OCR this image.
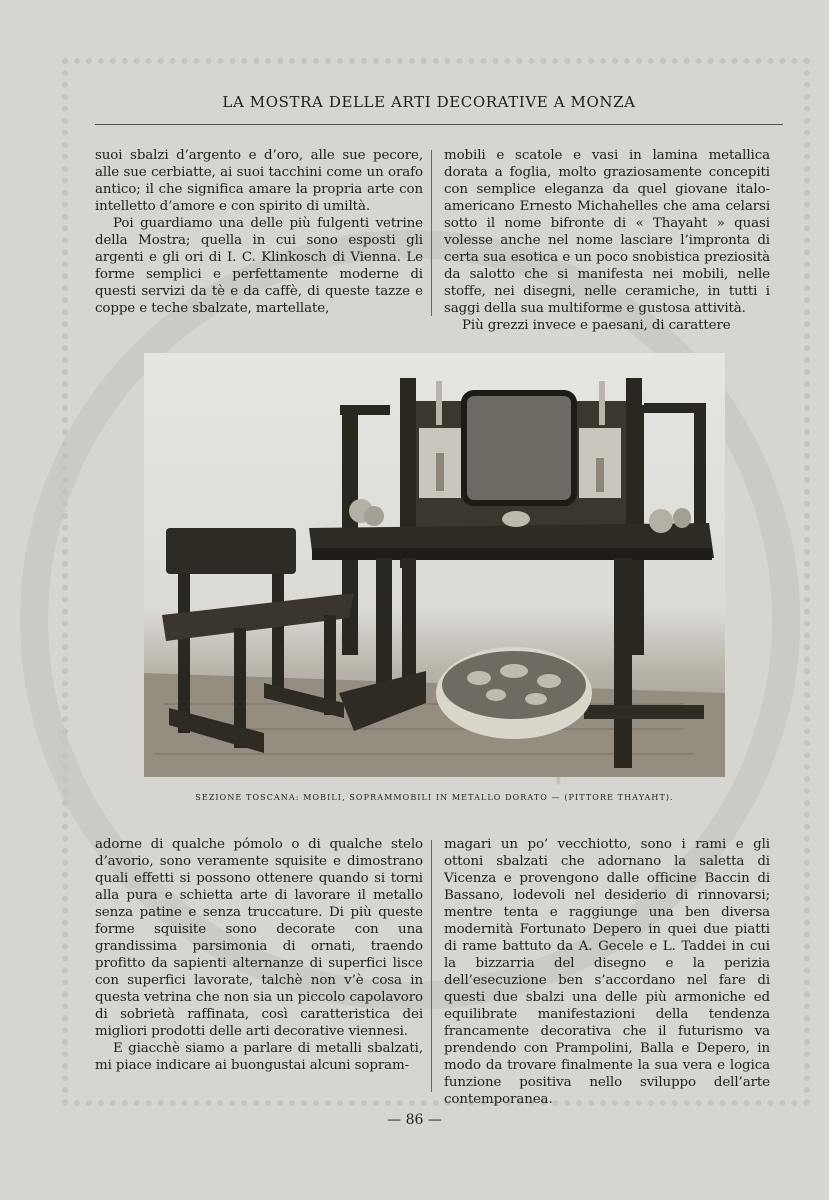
LA MOSTRA DELLE ARTI DECORATIVE A MONZA

suoi sbalzi d’argento e d’oro, alle sue pecore, alle sue cerbiatte, ai suoi tacchini come un orafo antico; il che significa amare la propria arte con intelletto d’amore e con spirito di umiltà.

Poi guardiamo una delle più fulgenti vetrine della Mostra; quella in cui sono esposti gli argenti e gli ori di I. C. Klinkosch di Vienna. Le forme semplici e perfettamente moderne di questi servizi da tè e da caffè, di queste tazze e coppe e teche sbalzate, martellate,

mobili e scatole e vasi in lamina metallica dorata a foglia, molto graziosamente concepiti con semplice eleganza da quel giovane italo-americano Ernesto Michahelles che ama celarsi sotto il nome bifronte di « Thayaht » quasi volesse anche nel nome lasciare l’impronta di certa sua esotica e un poco snobistica preziosità da salotto che si manifesta nei mobili, nelle stoffe, nei disegni, nelle ceramiche, in tutti i saggi della sua multiforme e gustosa attività.

Più grezzi invece e paesani, di carattere

SEZIONE TOSCANA: MOBILI, SOPRAMMOBILI IN METALLO DORATO — (PITTORE THAYAHT).

adorne di qualche pómolo o di qualche stelo d’avorio, sono veramente squisite e dimostrano quali effetti si possono ottenere quando si torni alla pura e schietta arte di lavorare il metallo senza patine e senza truccature. Di più queste forme squisite sono decorate con una grandissima parsimonia di ornati, traendo profitto da sapienti alternanze di superfici lisce con superfici lavorate, talchè non v’è cosa in questa vetrina che non sia un piccolo capolavoro di sobrietà raffinata, così caratteristica dei migliori prodotti delle arti decorative viennesi.

E giacchè siamo a parlare di metalli sbalzati, mi piace indicare ai buongustai alcuni sopram-

magari un po’ vecchiotto, sono i rami e gli ottoni sbalzati che adornano la saletta di Vicenza e provengono dalle officine Baccin di Bassano, lodevoli nel desiderio di rinnovarsi; mentre tenta e raggiunge una ben diversa modernità Fortunato Depero in quei due piatti di rame battuto da A. Gecele e L. Taddei in cui la bizzarria del disegno e la perizia dell’esecuzione ben s’accordano nel fare di questi due sbalzi una delle più armoniche ed equilibrate manifestazioni della tendenza francamente decorativa che il futurismo va prendendo con Prampolini, Balla e Depero, in modo da trovare finalmente la sua vera e logica funzione positiva nello sviluppo dell’arte contemporanea.

— 86 —
